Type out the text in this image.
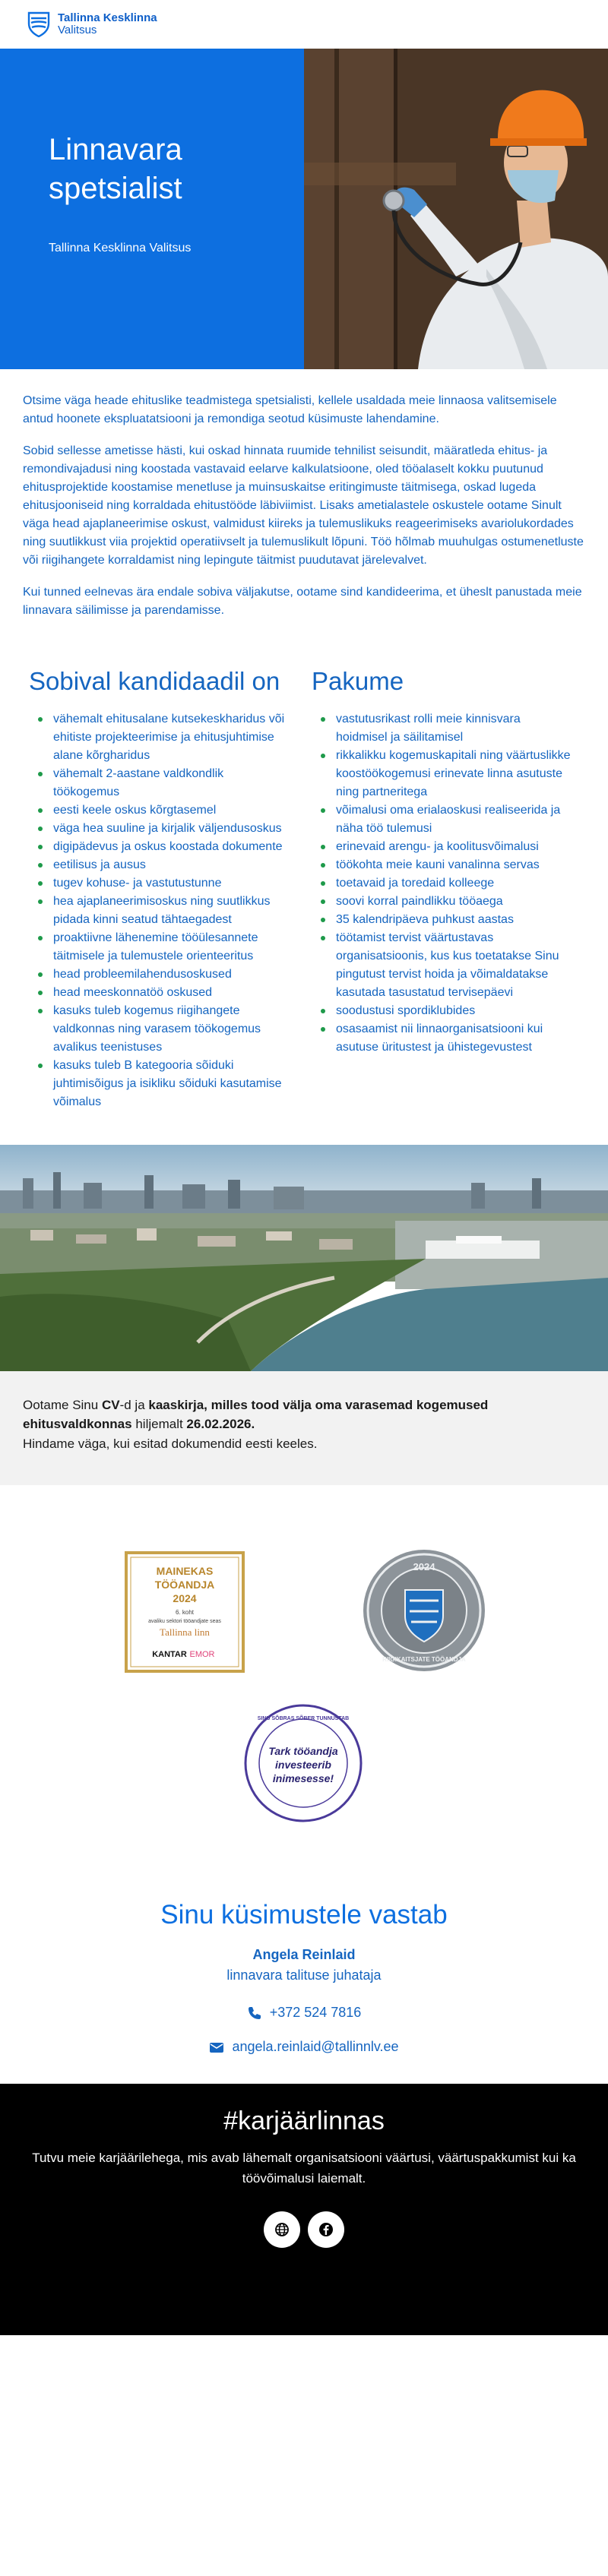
Tallinna Kesklinna
Valitsus
Linnavara
spetsialist
Tallinna Kesklinna Valitsus

Otsime väga heade ehituslike teadmistega spetsialisti, kellele usaldada meie linnaosa valitsemisele antud hoonete ekspluatatsiooni ja remondiga seotud küsimuste lahendamine.

Sobid sellesse ametisse hästi, kui oskad hinnata ruumide tehnilist seisundit, määratleda ehitus- ja remondivajadusi ning koostada vastavaid eelarve kalkulatsioone, oled tööalaselt kokku puutunud ehitusprojektide koostamise menetluse ja muinsuskaitse eritingimuste täitmisega, oskad lugeda ehitusjooniseid ning korraldada ehitustööde läbiviimist. Lisaks ametialastele oskustele ootame Sinult väga head ajaplaneerimise oskust, valmidust kiireks ja tulemuslikuks reageerimiseks avariolukordades ning suutlikkust viia projektid operatiivselt ja tulemuslikult lõpuni. Töö hõlmab muuhulgas ostumenetluste või riigihangete korraldamist ning lepingute täitmist puudutavat järelevalvet.

Kui tunned eelnevas ära endale sobiva väljakutse, ootame sind kandideerima, et üheslt panustada meie linnavara säilimisse ja parendamisse.

Sobival kandidaadil on
vähemalt ehitusalane kutsekeskharidus või ehitiste projekteerimise ja ehitusjuhtimise alane kõrgharidus
vähemalt 2-aastane valdkondlik töökogemus
eesti keele oskus kõrgtasemel
väga hea suuline ja kirjalik väljendusoskus
digipädevus ja oskus koostada dokumente
eetilisus ja ausus
tugev kohuse- ja vastutustunne
hea ajaplaneerimisoskus ning suutlikkus pidada kinni seatud tähtaegadest
proaktiivne lähenemine tööülesannete täitmisele ja tulemustele orienteeritus
head probleemilahendusoskused
head meeskonnatöö oskused
kasuks tuleb kogemus riigihangete valdkonnas ning varasem töökogemus avalikus teenistuses
kasuks tuleb B kategooria sõiduki juhtimisõigus ja isikliku sõiduki kasutamise võimalus
Pakume
vastutusrikast rolli meie kinnisvara hoidmisel ja säilitamisel
rikkalikku kogemuskapitali ning väärtuslikke koostöökogemusi erinevate linna asutuste ning partneritega
võimalusi oma erialaoskusi realiseerida ja näha töö tulemusi
erinevaid arengu- ja koolitusvõimalusi
töökohta meie kauni vanalinna servas
toetavaid ja toredaid kolleege
soovi korral paindlikku tööaega
35 kalendripäeva puhkust aastas
töötamist tervist väärtustavas organisatsioonis, kus kus toetatakse Sinu pingutust tervist hoida ja võimaldatakse kasutada tasustatud tervisepäevi
soodustusi spordiklubides
osasaamist nii linnaorganisatsiooni kui asutuse üritustest ja ühistegevustest
Ootame Sinu CV-d ja kaaskirja, milles tood välja oma varasemad kogemused ehitusvaldkonnas hiljemalt 26.02.2026.
Hindame väga, kui esitad dokumendid eesti keeles.
MAINEKAS
TÖÖANDJA
2024
6. koht
avaliku sektori tööandjate seas
Tallinna linn
KANTAR EMOR
2024
RIIGIKAITSJATE TÖÖANDJA
SINU SÕBRAS SÕBER TUNNUSTAB
Tark tööandja
investeerib
inimesesse!
Sinu küsimustele vastab
Angela Reinlaid
linnavara talituse juhataja
+372 524 7816
angela.reinlaid@tallinnlv.ee
#karjäärlinnas

Tutvu meie karjäärilehega, mis avab lähemalt organisatsiooni väärtusi, väärtuspakkumist kui ka töövõimalusi laiemalt.
